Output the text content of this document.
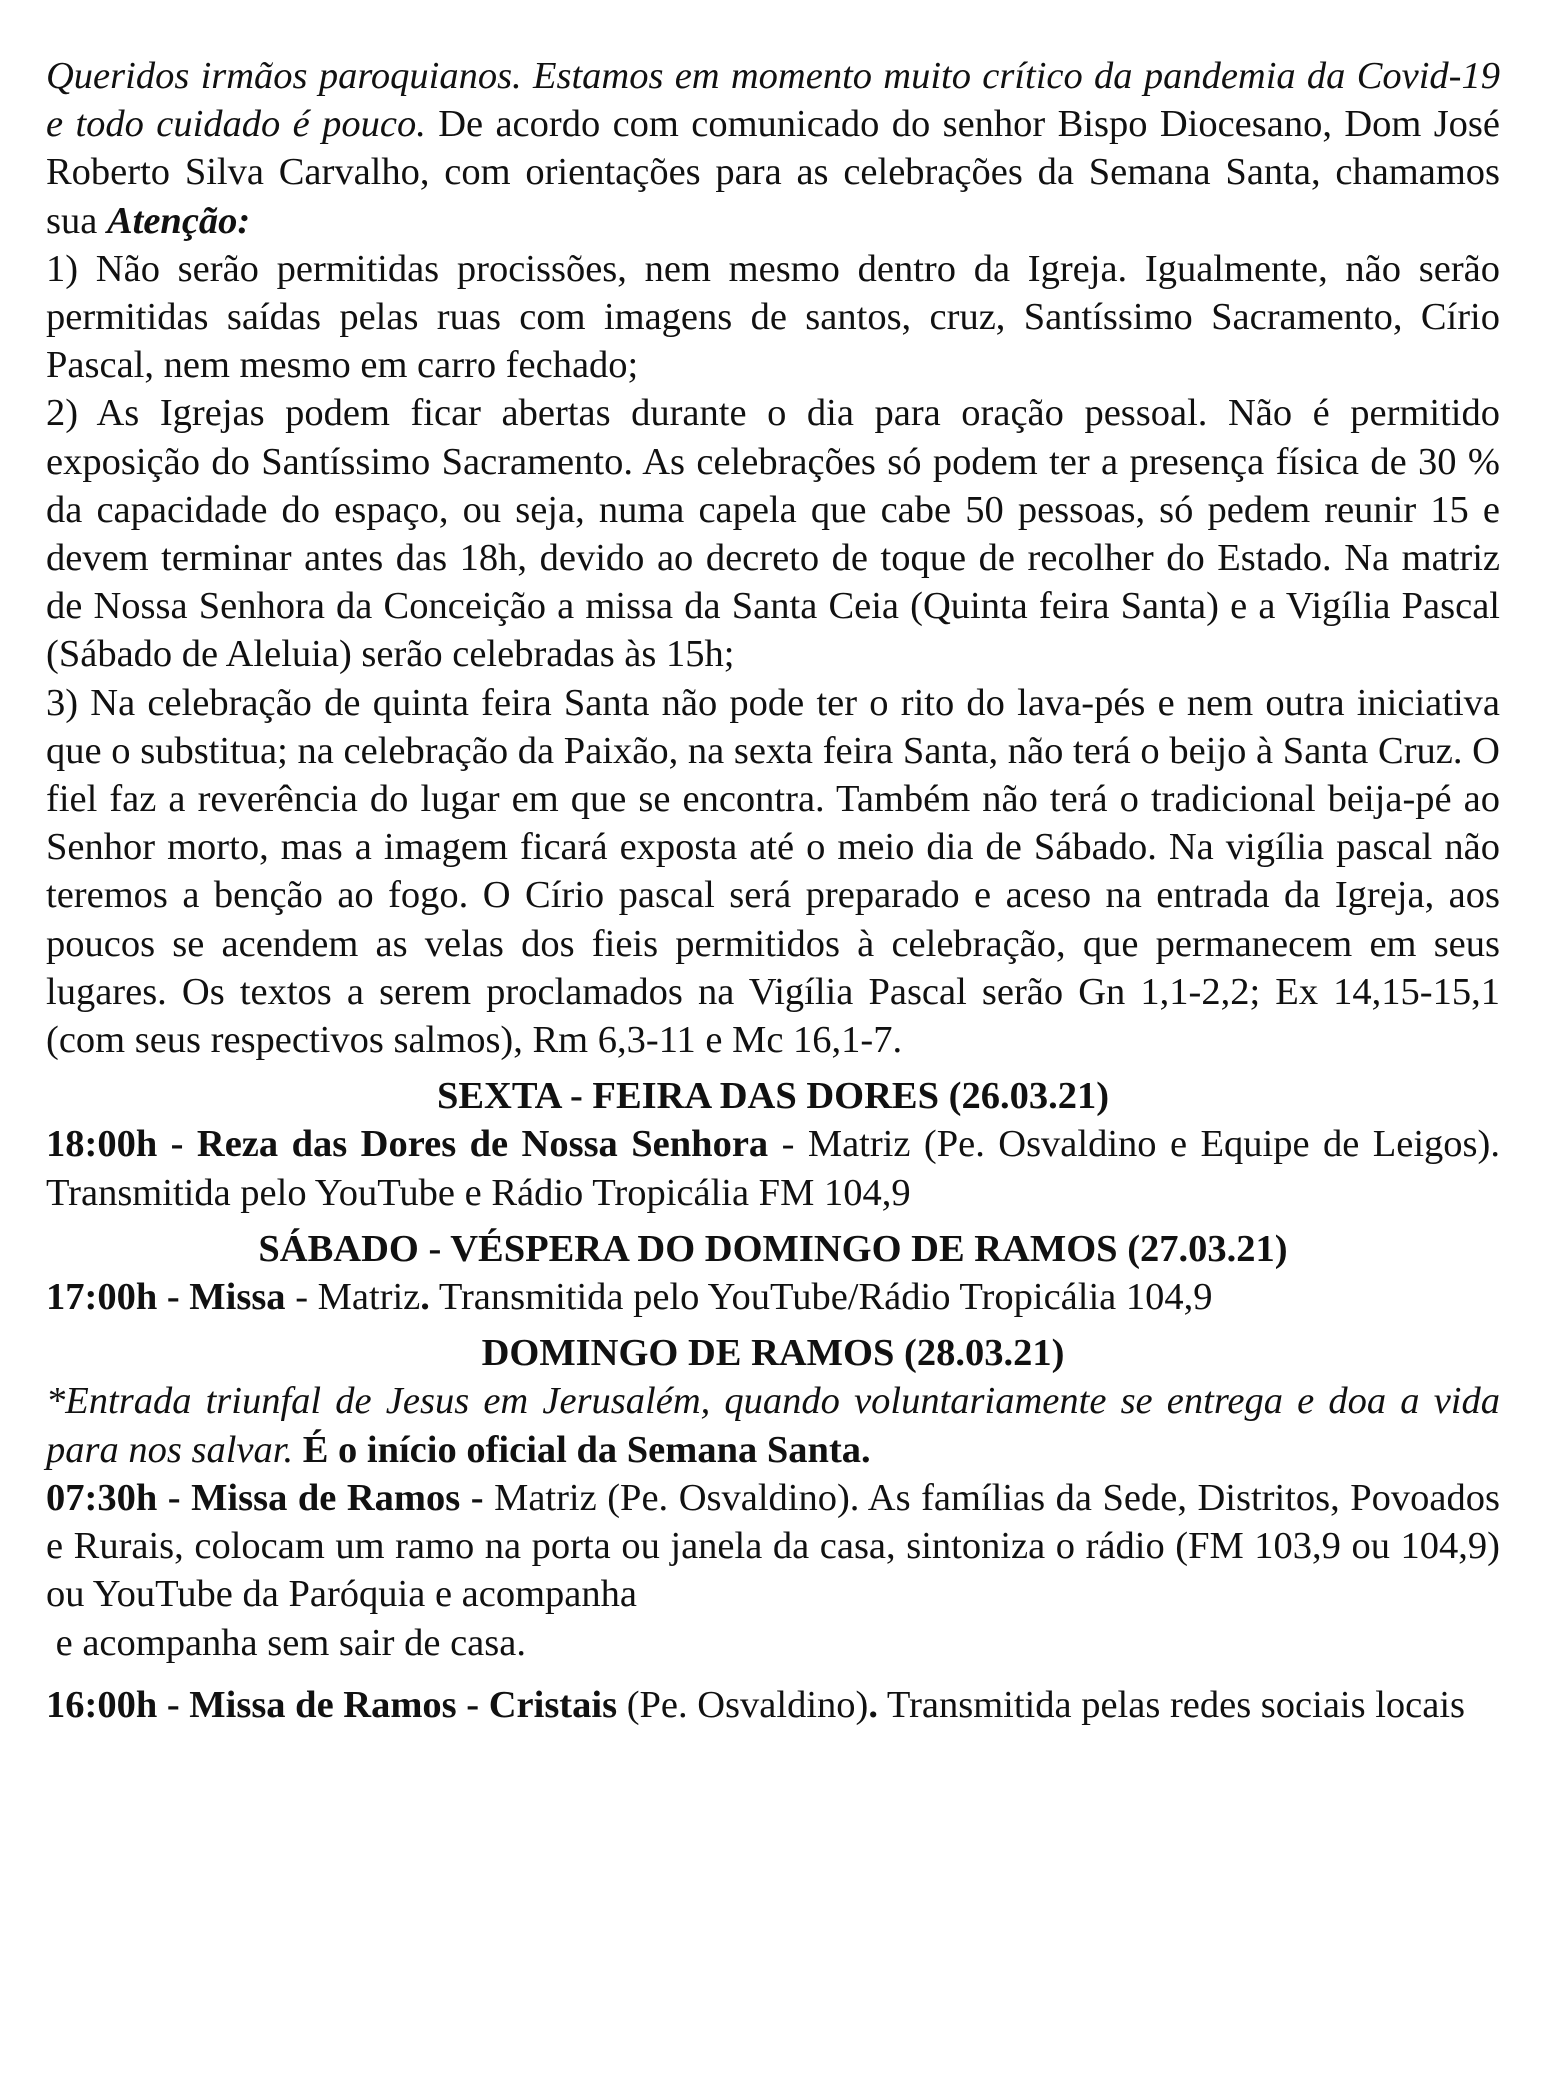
Queridos irmãos paroquianos. Estamos em momento muito crítico da pandemia da Covid-19 e todo cuidado é pouco. De acordo com comunicado do senhor Bispo Diocesano, Dom José Roberto Silva Carvalho, com orientações para as celebrações da Semana Santa, chamamos sua Atenção:

1) Não serão permitidas procissões, nem mesmo dentro da Igreja. Igualmente, não serão permitidas saídas pelas ruas com imagens de santos, cruz, Santíssimo Sacramento, Círio Pascal, nem mesmo em carro fechado;

2) As Igrejas podem ficar abertas durante o dia para oração pessoal. Não é permitido exposição do Santíssimo Sacramento. As celebrações só podem ter a presença física de 30 % da capacidade do espaço, ou seja, numa capela que cabe 50 pessoas, só pedem reunir 15 e devem terminar antes das 18h, devido ao decreto de toque de recolher do Estado. Na matriz de Nossa Senhora da Conceição a missa da Santa Ceia (Quinta feira Santa) e a Vigília Pascal (Sábado de Aleluia) serão celebradas às 15h;

3) Na celebração de quinta feira Santa não pode ter o rito do lava-pés e nem outra iniciativa que o substitua; na celebração da Paixão, na sexta feira Santa, não terá o beijo à Santa Cruz. O fiel faz a reverência do lugar em que se encontra. Também não terá o tradicional beija-pé ao Senhor morto, mas a imagem ficará exposta até o meio dia de Sábado. Na vigília pascal não teremos a benção ao fogo. O Círio pascal será preparado e aceso na entrada da Igreja, aos poucos se acendem as velas dos fieis permitidos à celebração, que permanecem em seus lugares. Os textos a serem proclamados na Vigília Pascal serão Gn 1,1-2,2; Ex 14,15-15,1 (com seus respectivos salmos), Rm 6,3-11 e Mc 16,1-7.

SEXTA - FEIRA DAS DORES (26.03.21)

18:00h - Reza das Dores de Nossa Senhora - Matriz (Pe. Osvaldino e Equipe de Leigos). Transmitida pelo YouTube e Rádio Tropicália FM 104,9

SÁBADO - VÉSPERA DO DOMINGO DE RAMOS (27.03.21)

17:00h - Missa - Matriz. Transmitida pelo YouTube/Rádio Tropicália 104,9

DOMINGO DE RAMOS (28.03.21)

*Entrada triunfal de Jesus em Jerusalém, quando voluntariamente se entrega e doa a vida para nos salvar. É o início oficial da Semana Santa.

07:30h - Missa de Ramos - Matriz (Pe. Osvaldino). As famílias da Sede, Distritos, Povoados e Rurais, colocam um ramo na porta ou janela da casa, sintoniza o rádio (FM 103,9 ou 104,9) ou YouTube da Paróquia e acompanha

e acompanha sem sair de casa.

16:00h - Missa de Ramos - Cristais (Pe. Osvaldino). Transmitida pelas redes sociais locais
